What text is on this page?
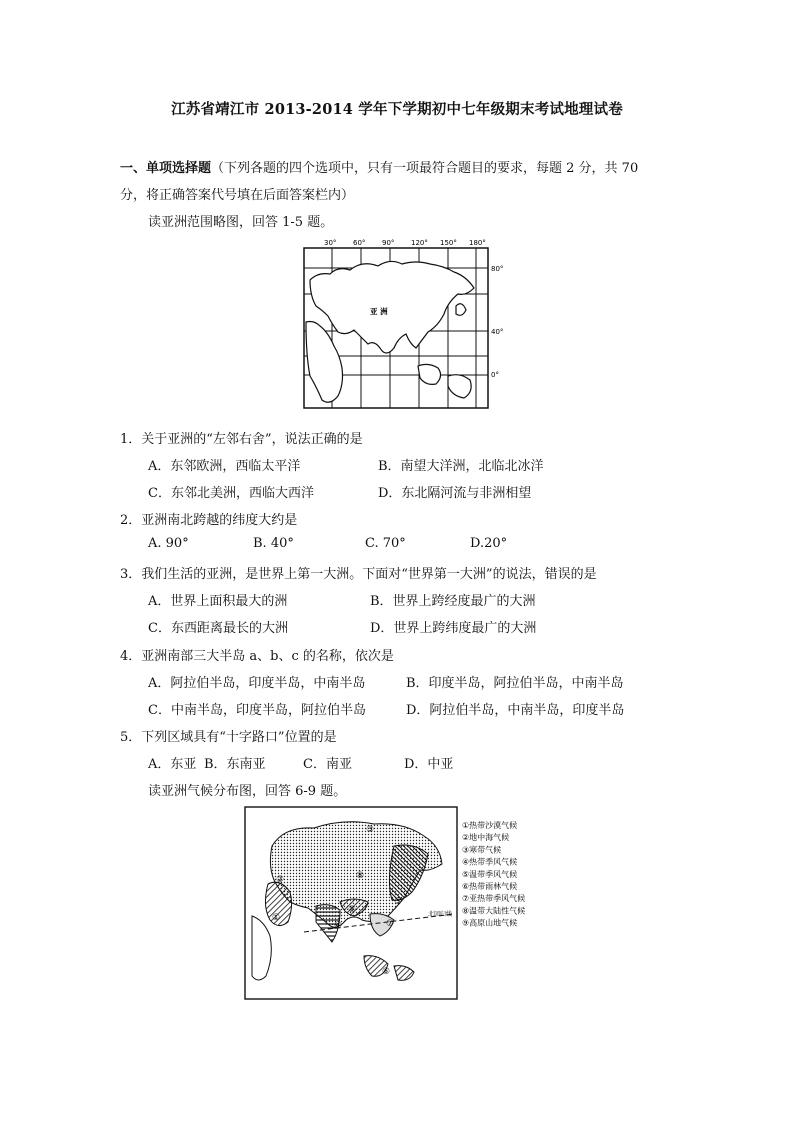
江苏省靖江市 2013-2014 学年下学期初中七年级期末考试地理试卷
一、单项选择题（下列各题的四个选项中，只有一项最符合题目的要求，每题 2 分，共 70
分，将正确答案代号填在后面答案栏内）
读亚洲范围略图，回答 1-5 题。
30° 60° 90° 120° 150° 180°
80°
40°
0°
亚 洲
1．关于亚洲的“左邻右舍”，说法正确的是
A．东邻欧洲，西临太平洋	B．南望大洋洲，北临北冰洋
C．东邻北美洲，西临大西洋	D．东北隔河流与非洲相望
2．亚洲南北跨越的纬度大约是
A. 90°	B. 40°	C. 70°	D.20°
3．我们生活的亚洲，是世界上第一大洲。下面对“世界第一大洲”的说法，错误的是
A．世界上面积最大的洲	B．世界上跨经度最广的大洲
C．东西距离最长的大洲	D．世界上跨纬度最广的大洲
4．亚洲南部三大半岛 a、b、c 的名称，依次是
A．阿拉伯半岛，印度半岛，中南半岛	B．印度半岛，阿拉伯半岛，中南半岛
C．中南半岛，印度半岛，阿拉伯半岛	D．阿拉伯半岛，中南半岛，印度半岛
5．下列区域具有“十字路口”位置的是
A．东亚 B．东南亚	C．南亚	D．中亚
读亚洲气候分布图，回答 6-9 题。
北回归线
①
②
③
④
⑤
⑥
⑦
⑧
⑨
①热带沙漠气候
②地中海气候
③寒带气候
④热带季风气候
⑤温带季风气候
⑥热带雨林气候
⑦亚热带季风气候
⑧温带大陆性气候
⑨高原山地气候
